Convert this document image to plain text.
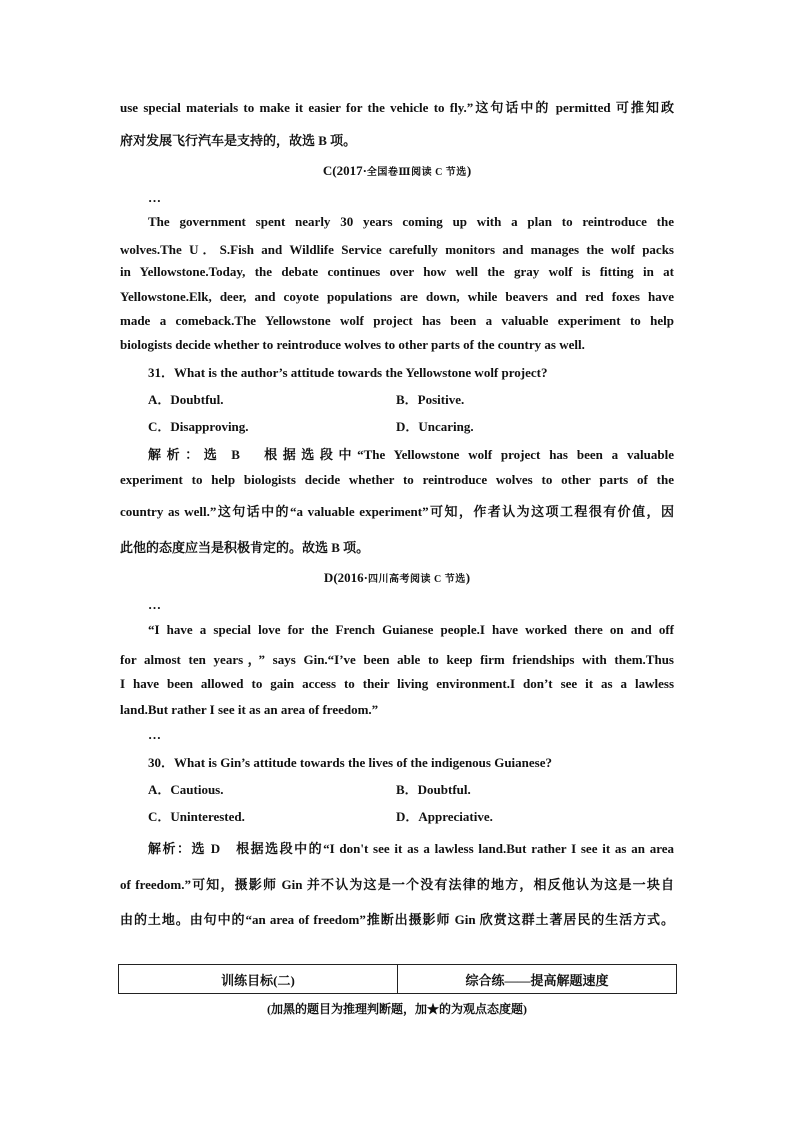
use special materials to make it easier for the vehicle to fly.”这句话中的 permitted 可推知政
府对发展飞行汽车是支持的，故选 B 项。
C(2017·全国卷Ⅲ阅读 C 节选)
…
The government spent nearly 30 years coming up with a plan to reintroduce the
wolves.The U．S.Fish and Wildlife Service carefully monitors and manages the wolf packs
in Yellowstone.Today, the debate continues over how well the gray wolf is fitting in at
Yellowstone.Elk, deer, and coyote populations are down, while beavers and red foxes have
made a comeback.The Yellowstone wolf project has been a valuable experiment to help
biologists decide whether to reintroduce wolves to other parts of the country as well.
31．What is the author’s attitude towards the Yellowstone wolf project?
A．Doubtful.	B．Positive.
C．Disapproving.	D．Uncaring.
解析：选 B　根据选段中“The Yellowstone wolf project has been a valuable
experiment to help biologists decide whether to reintroduce wolves to other parts of the
country as well.”这句话中的“a valuable experiment”可知，作者认为这项工程很有价值，因
此他的态度应当是积极肯定的。故选 B 项。
D(2016·四川高考阅读 C 节选)
…
“I have a special love for the French Guianese people.I have worked there on and off
for almost ten years，” says Gin.“I’ve been able to keep firm friendships with them.Thus
I have been allowed to gain access to their living environment.I don’t see it as a lawless
land.But rather I see it as an area of freedom.”
…
30．What is Gin’s attitude towards the lives of the indigenous Guianese?
A．Cautious.	B．Doubtful.
C．Uninterested.	D．Appreciative.
解析：选 D　根据选段中的“I don't see it as a lawless land.But rather I see it as an area
of freedom.”可知，摄影师 Gin 并不认为这是一个没有法律的地方，相反他认为这是一块自
由的土地。由句中的“an area of freedom”推断出摄影师 Gin 欣赏这群土著居民的生活方式。
训练目标(二)	综合练——提高解题速度
(加黑的题目为推理判断题，加★的为观点态度题)
